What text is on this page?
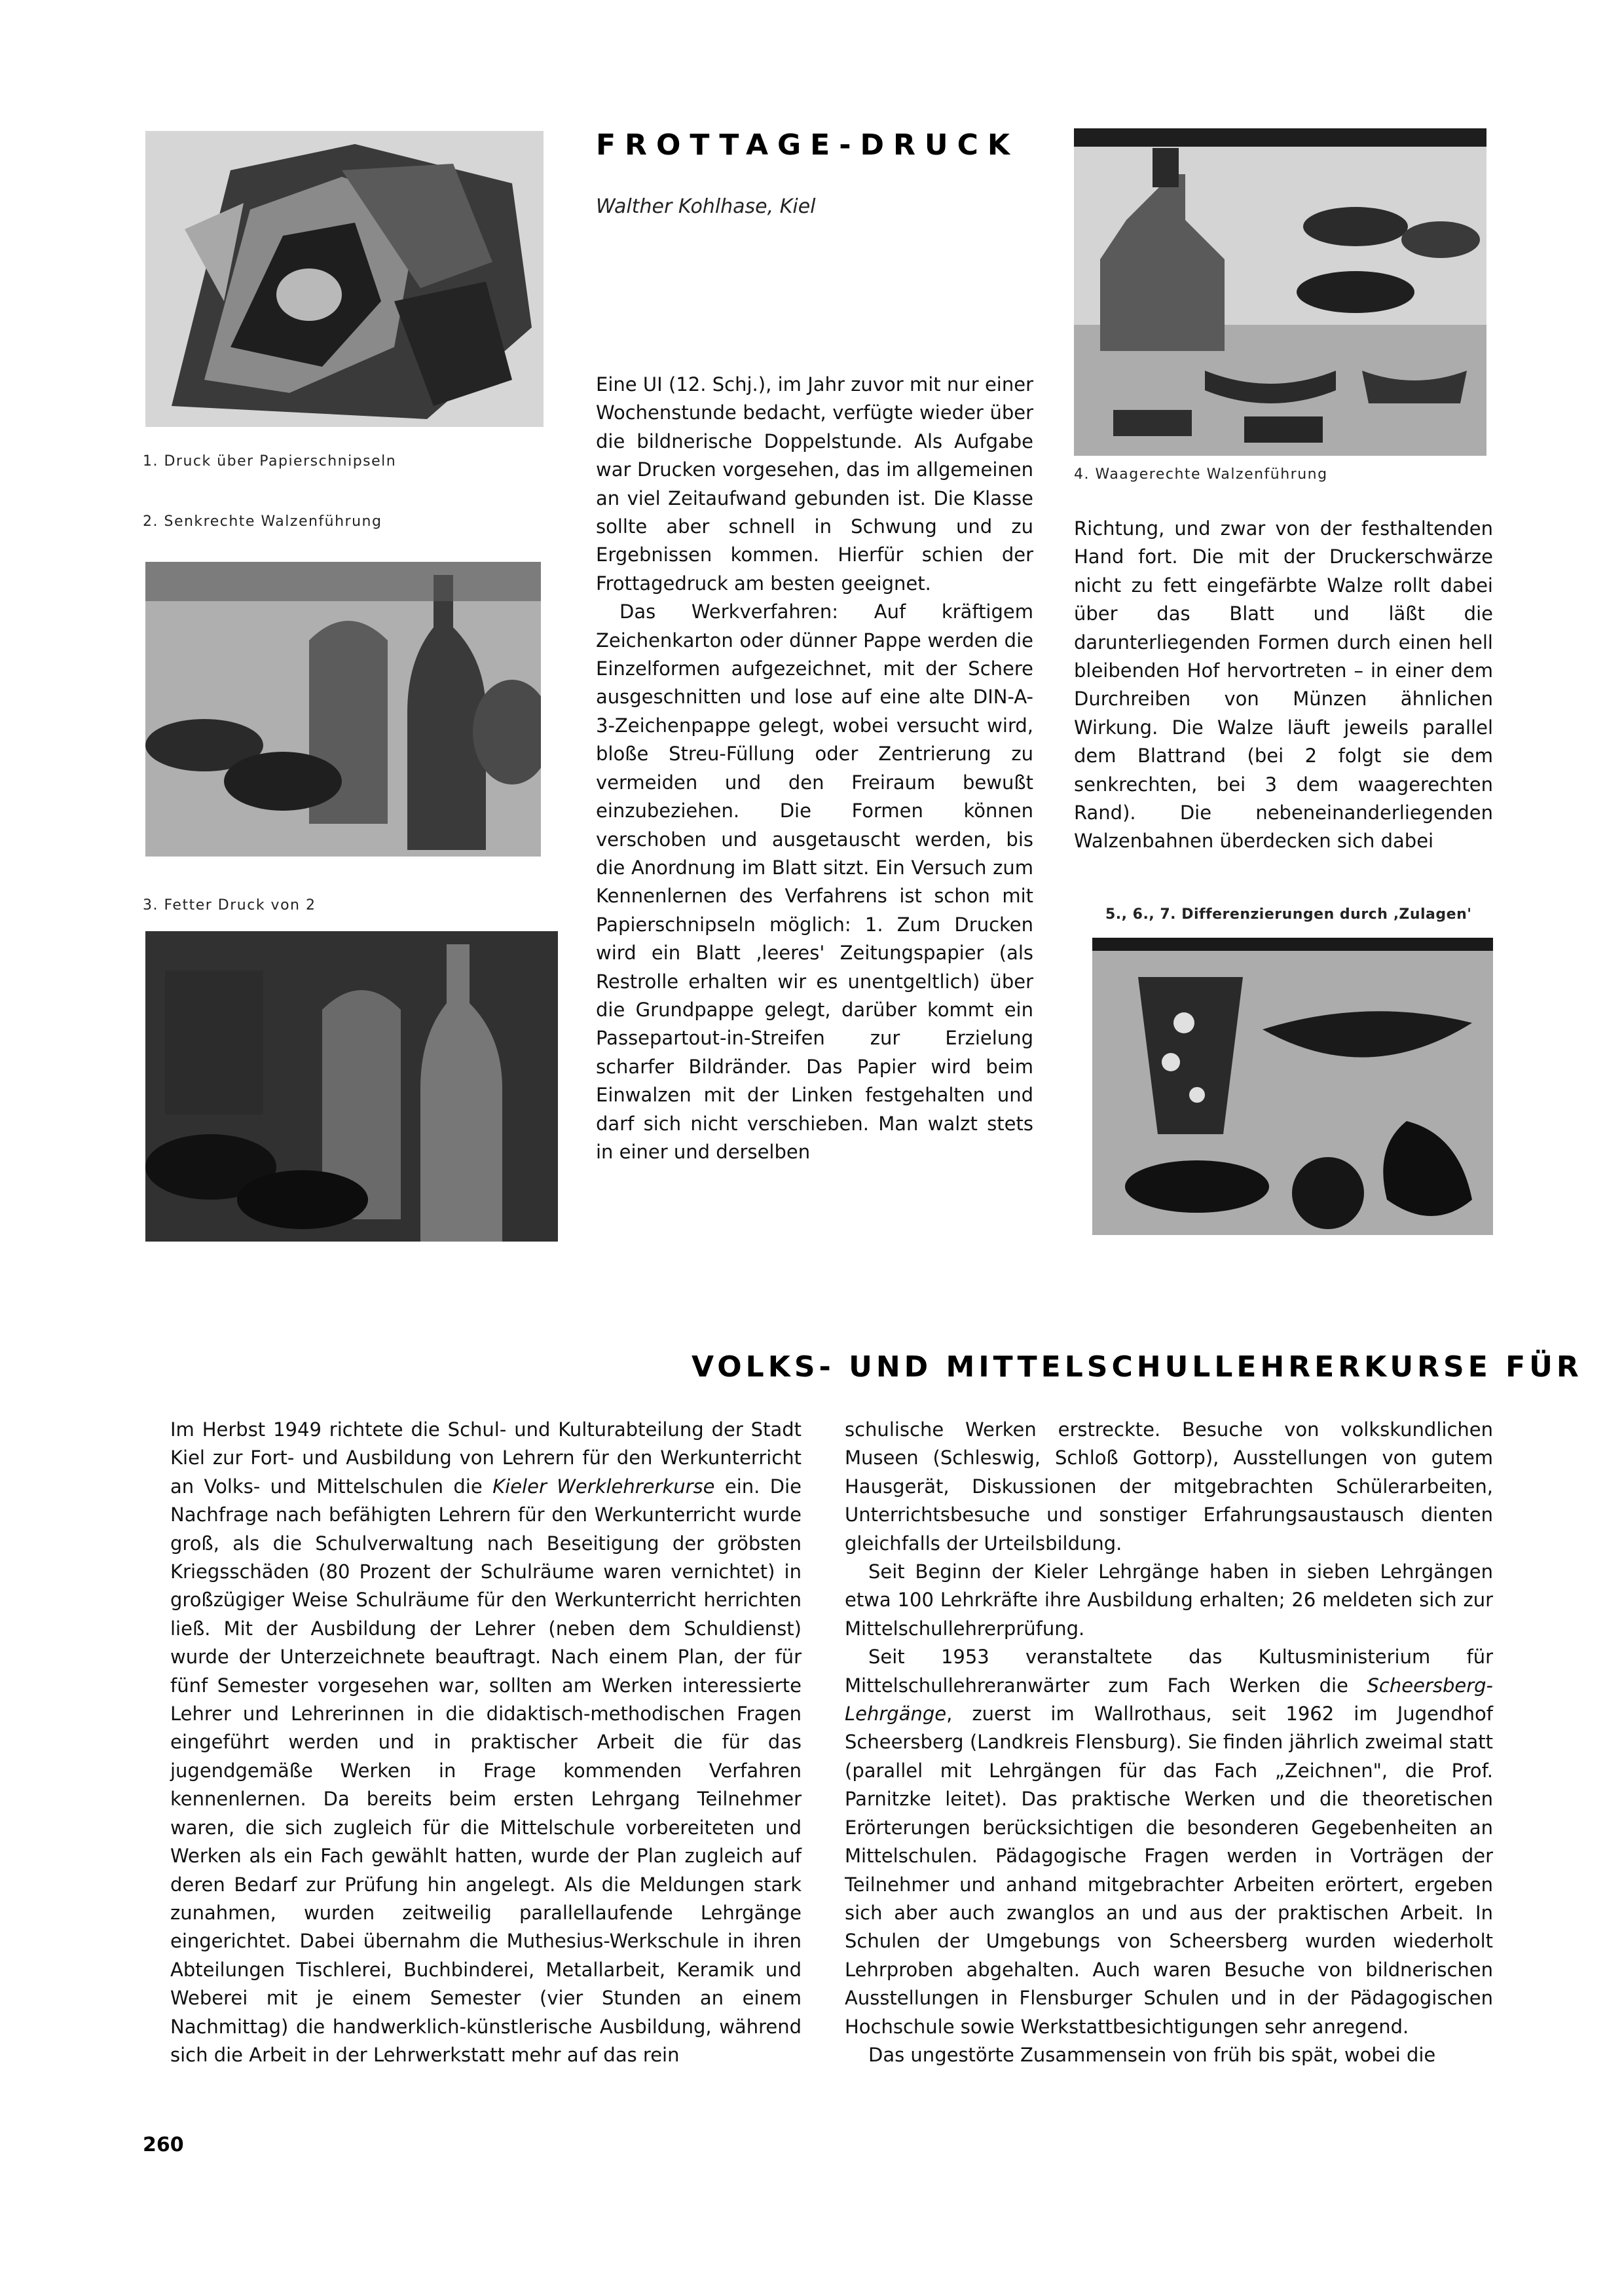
1. Druck über Papierschnipseln
2. Senkrechte Walzenführung
3. Fetter Druck von 2
4. Waagerechte Walzenführung
5., 6., 7. Differenzierungen durch ‚Zulagen'
FROTTAGE-DRUCK
Walther Kohlhase, Kiel

Eine UI (12. Schj.), im Jahr zuvor mit nur einer Wochenstunde bedacht, verfügte wieder über die bildnerische Doppelstunde. Als Aufgabe war Drucken vorgesehen, das im allgemeinen an viel Zeitaufwand gebunden ist. Die Klasse sollte aber schnell in Schwung und zu Ergebnissen kommen. Hierfür schien der Frottagedruck am besten geeignet.

Das Werkverfahren: Auf kräftigem Zeichenkarton oder dünner Pappe werden die Einzelformen aufgezeichnet, mit der Schere ausgeschnitten und lose auf eine alte DIN-A-3-Zeichenpappe gelegt, wobei versucht wird, bloße Streu-Füllung oder Zentrierung zu vermeiden und den Freiraum bewußt einzubeziehen. Die Formen können verschoben und ausgetauscht werden, bis die Anordnung im Blatt sitzt. Ein Versuch zum Kennenlernen des Verfahrens ist schon mit Papierschnipseln möglich: 1. Zum Drucken wird ein Blatt ‚leeres' Zeitungspapier (als Restrolle erhalten wir es unentgeltlich) über die Grundpappe gelegt, darüber kommt ein Passepartout-in-Streifen zur Erzielung scharfer Bildränder. Das Papier wird beim Einwalzen mit der Linken festgehalten und darf sich nicht verschieben. Man walzt stets in einer und derselben

Richtung, und zwar von der festhaltenden Hand fort. Die mit der Druckerschwärze nicht zu fett eingefärbte Walze rollt dabei über das Blatt und läßt die darunterliegenden Formen durch einen hell bleibenden Hof hervortreten – in einer dem Durchreiben von Münzen ähnlichen Wirkung. Die Walze läuft jeweils parallel dem Blattrand (bei 2 folgt sie dem senkrechten, bei 3 dem waagerechten Rand). Die nebeneinanderliegenden Walzenbahnen überdecken sich dabei

VOLKS- UND MITTELSCHULLEHRERKURSE FÜR

Im Herbst 1949 richtete die Schul- und Kulturabteilung der Stadt Kiel zur Fort- und Ausbildung von Lehrern für den Werkunterricht an Volks- und Mittelschulen die Kieler Werklehrerkurse ein. Die Nachfrage nach befähigten Lehrern für den Werkunterricht wurde groß, als die Schulverwaltung nach Beseitigung der gröbsten Kriegsschäden (80 Prozent der Schulräume waren vernichtet) in großzügiger Weise Schulräume für den Werkunterricht herrichten ließ. Mit der Ausbildung der Lehrer (neben dem Schuldienst) wurde der Unterzeichnete beauftragt. Nach einem Plan, der für fünf Semester vorgesehen war, sollten am Werken interessierte Lehrer und Lehrerinnen in die didaktisch-methodischen Fragen eingeführt werden und in praktischer Arbeit die für das jugendgemäße Werken in Frage kommenden Verfahren kennenlernen. Da bereits beim ersten Lehrgang Teilnehmer waren, die sich zugleich für die Mittelschule vorbereiteten und Werken als ein Fach gewählt hatten, wurde der Plan zugleich auf deren Bedarf zur Prüfung hin angelegt. Als die Meldungen stark zunahmen, wurden zeitweilig parallellaufende Lehrgänge eingerichtet. Dabei übernahm die Muthesius-Werkschule in ihren Abteilungen Tischlerei, Buchbinderei, Metallarbeit, Keramik und Weberei mit je einem Semester (vier Stunden an einem Nachmittag) die handwerklich-künstlerische Ausbildung, während sich die Arbeit in der Lehrwerkstatt mehr auf das rein

schulische Werken erstreckte. Besuche von volkskundlichen Museen (Schleswig, Schloß Gottorp), Ausstellungen von gutem Hausgerät, Diskussionen der mitgebrachten Schülerarbeiten, Unterrichtsbesuche und sonstiger Erfahrungsaustausch dienten gleichfalls der Urteilsbildung.

Seit Beginn der Kieler Lehrgänge haben in sieben Lehrgängen etwa 100 Lehrkräfte ihre Ausbildung erhalten; 26 meldeten sich zur Mittelschullehrerprüfung.

Seit 1953 veranstaltete das Kultusministerium für Mittelschullehreranwärter zum Fach Werken die Scheersberg-Lehrgänge, zuerst im Wallrothaus, seit 1962 im Jugendhof Scheersberg (Landkreis Flensburg). Sie finden jährlich zweimal statt (parallel mit Lehrgängen für das Fach „Zeichnen", die Prof. Parnitzke leitet). Das praktische Werken und die theoretischen Erörterungen berücksichtigen die besonderen Gegebenheiten an Mittelschulen. Pädagogische Fragen werden in Vorträgen der Teilnehmer und anhand mitgebrachter Arbeiten erörtert, ergeben sich aber auch zwanglos an und aus der praktischen Arbeit. In Schulen der Umgebungs von Scheersberg wurden wiederholt Lehrproben abgehalten. Auch waren Besuche von bildnerischen Ausstellungen in Flensburger Schulen und in der Pädagogischen Hochschule sowie Werkstattbesichtigungen sehr anregend.

Das ungestörte Zusammensein von früh bis spät, wobei die

260
